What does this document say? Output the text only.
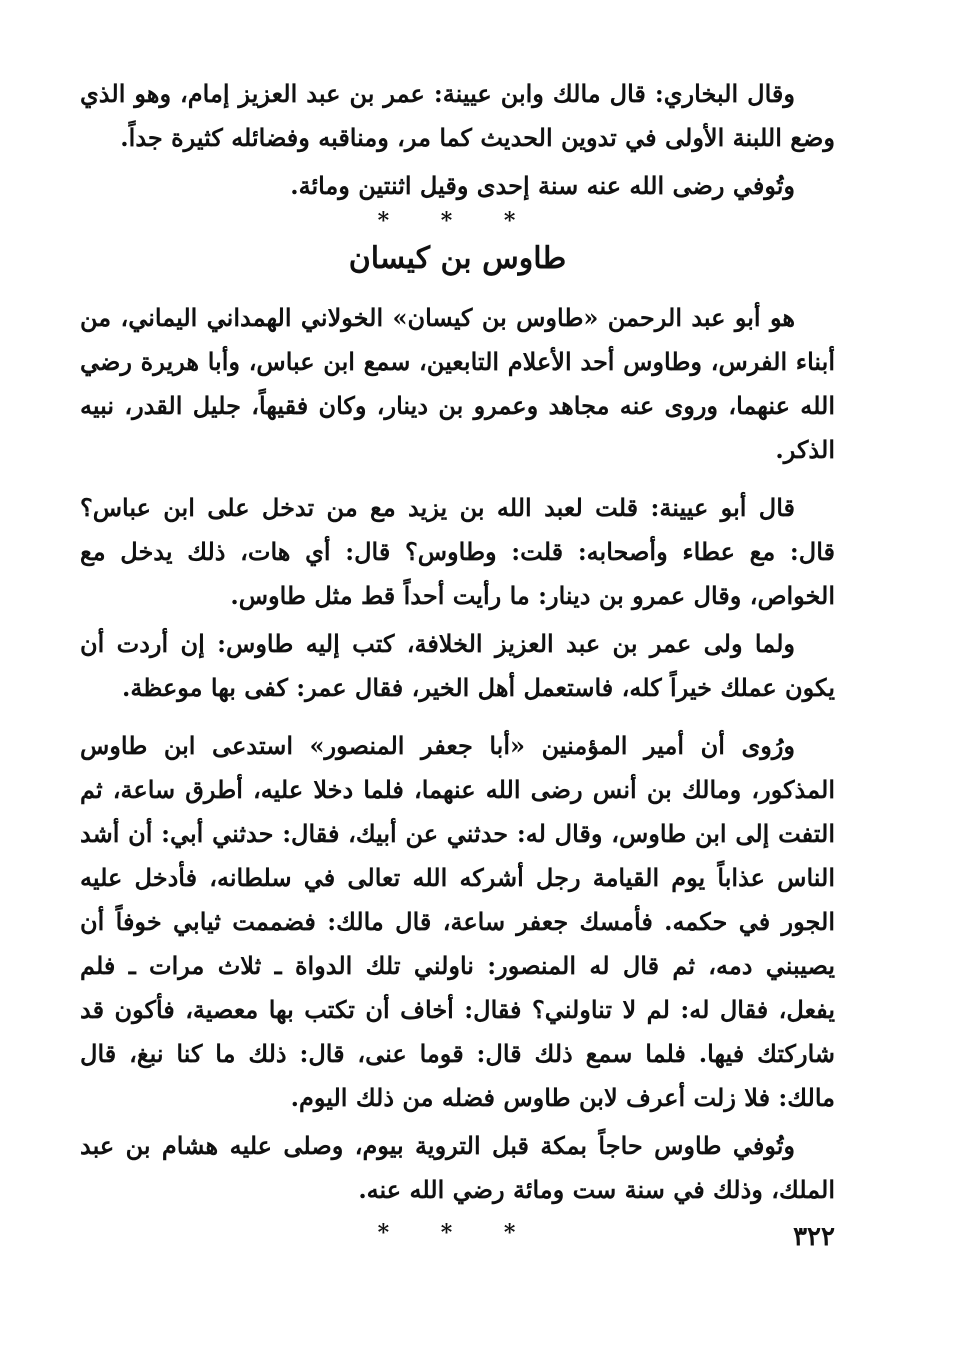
وقال البخاري: قال مالك وابن عيينة: عمر بن عبد العزيز إمام، وهو الذي وضع اللبنة الأولى في تدوين الحديث كما مر، ومناقبه وفضائله كثيرة جداً.

وتُوفي رضى الله عنه سنة إحدى وقيل اثنتين ومائة.

* * *

طاوس بن كيسان

هو أبو عبد الرحمن «طاوس بن كيسان» الخولاني الهمداني اليماني، من أبناء الفرس، وطاوس أحد الأعلام التابعين، سمع ابن عباس، وأبا هريرة رضي الله عنهما، وروى عنه مجاهد وعمرو بن دينار، وكان فقيهاً، جليل القدر، نبيه الذكر.

قال أبو عيينة: قلت لعبد الله بن يزيد مع من تدخل على ابن عباس؟ قال: مع عطاء وأصحابه: قلت: وطاوس؟ قال: أي هات، ذلك يدخل مع الخواص، وقال عمرو بن دينار: ما رأيت أحداً قط مثل طاوس.

ولما ولى عمر بن عبد العزيز الخلافة، كتب إليه طاوس: إن أردت أن يكون عملك خيراً كله، فاستعمل أهل الخير، فقال عمر: كفى بها موعظة.

ورُوى أن أمير المؤمنين «أبا جعفر المنصور» استدعى ابن طاوس المذكور، ومالك بن أنس رضى الله عنهما، فلما دخلا عليه، أطرق ساعة، ثم التفت إلى ابن طاوس، وقال له: حدثني عن أبيك، فقال: حدثني أبي: أن أشد الناس عذاباً يوم القيامة رجل أشركه الله تعالى في سلطانه، فأدخل عليه الجور في حكمه. فأمسك جعفر ساعة، قال مالك: فضممت ثيابي خوفاً أن يصيبني دمه، ثم قال له المنصور: ناولني تلك الدواة ـ ثلاث مرات ـ فلم يفعل، فقال له: لم لا تناولني؟ فقال: أخاف أن تكتب بها معصية، فأكون قد شاركتك فيها. فلما سمع ذلك قال: قوما عنى، قال: ذلك ما كنا نبغ، قال مالك: فلا زلت أعرف لابن طاوس فضله من ذلك اليوم.

وتُوفي طاوس حاجاً بمكة قبل التروية بيوم، وصلى عليه هشام بن عبد الملك، وذلك في سنة ست ومائة رضي الله عنه.

* * *	٣٢٢
